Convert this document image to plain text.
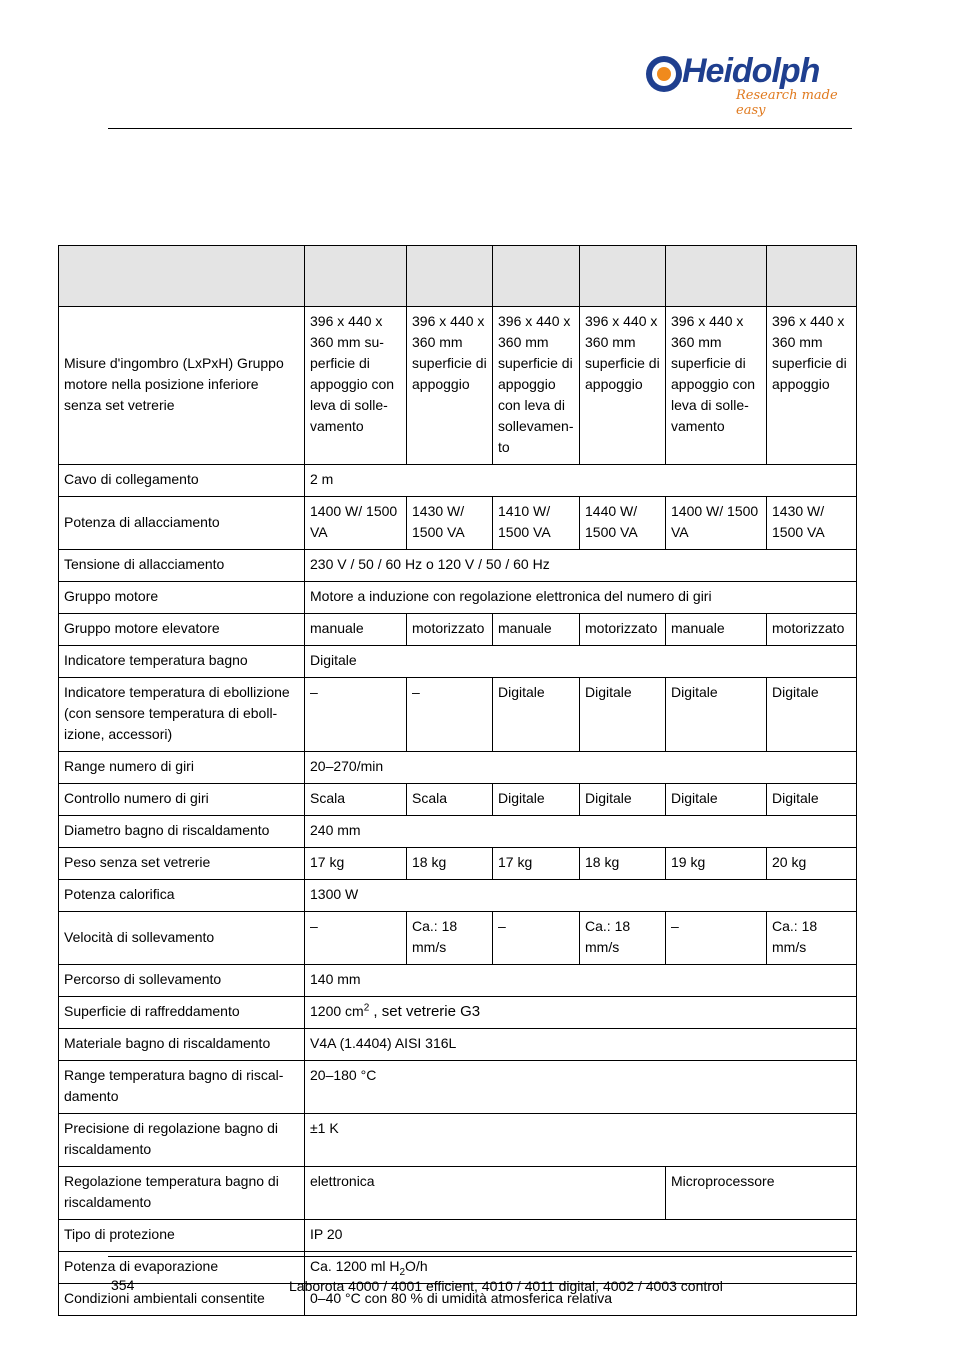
Heidolph
Research made easy

Misure d'ingombro (LxPxH) Gruppo motore nella posizione inferiore senza set vetrerie	396 x 440 x 360 mm su-perficie di appoggio con leva di solle-vamento	396 x 440 x 360 mm superficie di appoggio	396 x 440 x 360 mm superficie di appoggio con leva di sollevamen-to	396 x 440 x 360 mm superficie di appoggio	396 x 440 x 360 mm superficie di appoggio con leva di solle-vamento	396 x 440 x 360 mm superficie di appoggio
Cavo di collegamento	2 m					
Potenza di allacciamento	1400 W/ 1500 VA	1430 W/ 1500 VA	1410 W/ 1500 VA	1440 W/ 1500 VA	1400 W/ 1500 VA	1430 W/ 1500 VA
Tensione di allacciamento	230 V / 50 / 60 Hz o 120 V / 50 / 60 Hz					
Gruppo motore	Motore a induzione con regolazione elettronica del numero di giri					
Gruppo motore elevatore	manuale	motorizzato	manuale	motorizzato	manuale	motorizzato
Indicatore temperatura bagno	Digitale					
Indicatore temperatura di ebollizione (con sensore temperatura di eboll-izione, accessori)	–	–	Digitale	Digitale	Digitale	Digitale
Range numero di giri	20–270/min					
Controllo numero di giri	Scala	Scala	Digitale	Digitale	Digitale	Digitale
Diametro bagno di riscaldamento	240 mm					
Peso senza set vetrerie	17 kg	18 kg	17 kg	18 kg	19 kg	20 kg
Potenza calorifica	1300 W					
Velocità di sollevamento	–	Ca.: 18 mm/s	–	Ca.: 18 mm/s	–	Ca.: 18 mm/s
Percorso di sollevamento	140 mm					
Superficie di raffreddamento	1200 $cm^2$ , set vetrerie G3					
Materiale bagno di riscaldamento	V4A (1.4404) AISI 316L					
Range temperatura bagno di riscal-damento	20–180 °C					
Precisione di regolazione bagno di riscaldamento	±1 K					
Regolazione temperatura bagno di riscaldamento	elettronica				Microprocessore	
Tipo di protezione	IP 20					
Potenza di evaporazione	Ca. 1200 ml $H_2O/h$					
Condizioni ambientali consentite	0–40 °C con 80 % di umidità atmosferica relativa					
354	Laborota 4000 / 4001 efficient, 4010 / 4011 digital, 4002 / 4003 control
